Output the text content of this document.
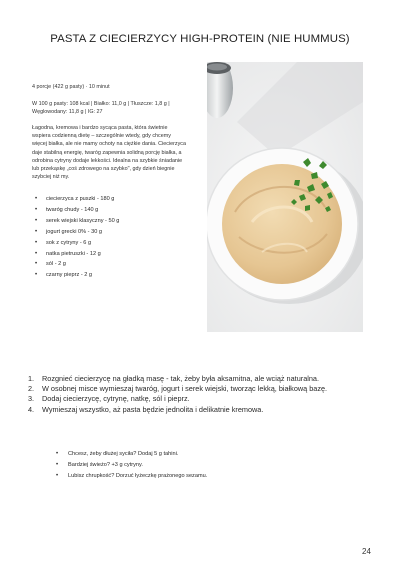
PASTA Z CIECIERZYCY HIGH-PROTEIN (NIE HUMMUS)
4 porcje (422 g pasty) · 10 minut
W 100 g pasty: 108 kcal | Białko: 11,0 g | Tłuszcze: 1,8 g | Węglowodany: 11,8 g | IG: 27
Łagodna, kremowa i bardzo sycąca pasta, która świetnie wspiera codzienną dietę – szczególnie wtedy, gdy chcemy więcej białka, ale nie mamy ochoty na ciężkie dania. Ciecierzyca daje stabilną energię, twaróg zapewnia solidną porcję białka, a odrobina cytryny dodaje lekkości. Idealna na szybkie śniadanie lub przekąskę „coś zdrowego na szybko", gdy dzień biegnie szybciej niż my.
• ciecierzyca z puszki - 180 g
• twaróg chudy - 140 g
• serek wiejski klasyczny - 50 g
• jogurt grecki 0% - 30 g
• sok z cytryny - 6 g
• natka pietruszki - 12 g
• sól - 2 g
• czarny pieprz - 2 g
1. Rozgnieć ciecierzycę na gładką masę - tak, żeby była aksamitna, ale wciąż naturalna.
2. W osobnej misce wymieszaj twaróg, jogurt i serek wiejski, tworząc lekką, białkową bazę.
3. Dodaj ciecierzycę, cytrynę, natkę, sól i pieprz.
4. Wymieszaj wszystko, aż pasta będzie jednolita i delikatnie kremowa.
• Chcesz, żeby dłużej syciła? Dodaj 5 g tahini.
• Bardziej świeżo? +3 g cytryny.
• Lubisz chrupkość? Dorzuć łyżeczkę prażonego sezamu.
24
